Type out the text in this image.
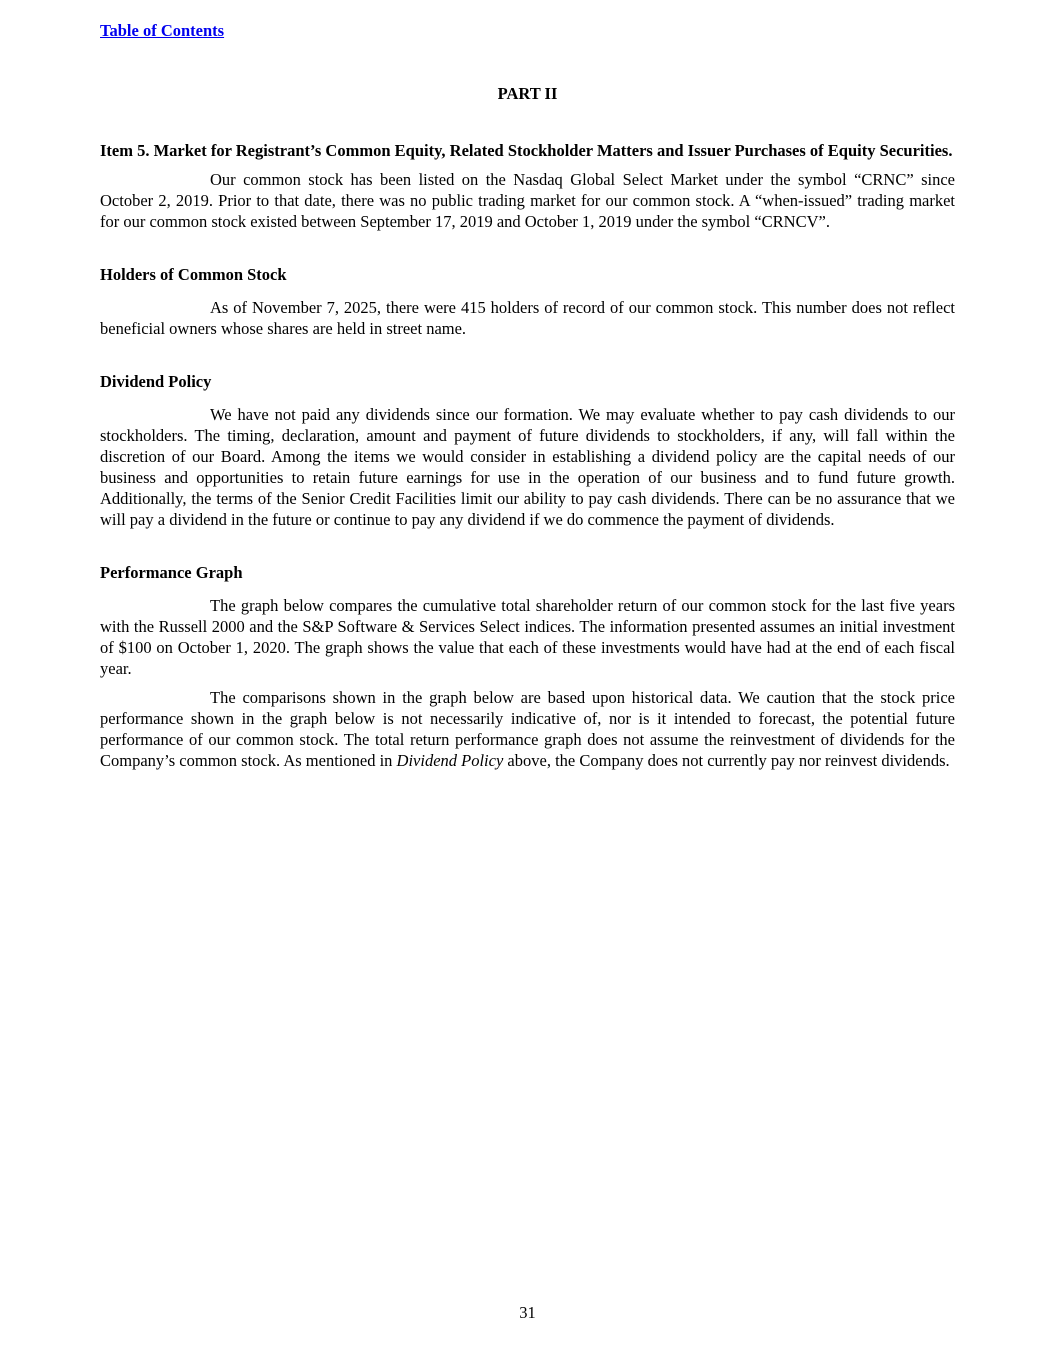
Table of Contents
PART II
Item 5. Market for Registrant’s Common Equity, Related Stockholder Matters and Issuer Purchases of Equity Securities.

Our common stock has been listed on the Nasdaq Global Select Market under the symbol “CRNC” since October 2, 2019. Prior to that date, there was no public trading market for our common stock. A “when-issued” trading market for our common stock existed between September 17, 2019 and October 1, 2019 under the symbol “CRNCV”.

Holders of Common Stock

As of November 7, 2025, there were 415 holders of record of our common stock. This number does not reflect beneficial owners whose shares are held in street name.

Dividend Policy

We have not paid any dividends since our formation. We may evaluate whether to pay cash dividends to our stockholders. The timing, declaration, amount and payment of future dividends to stockholders, if any, will fall within the discretion of our Board. Among the items we would consider in establishing a dividend policy are the capital needs of our business and opportunities to retain future earnings for use in the operation of our business and to fund future growth. Additionally, the terms of the Senior Credit Facilities limit our ability to pay cash dividends. There can be no assurance that we will pay a dividend in the future or continue to pay any dividend if we do commence the payment of dividends.

Performance Graph

The graph below compares the cumulative total shareholder return of our common stock for the last five years with the Russell 2000 and the S&P Software & Services Select indices. The information presented assumes an initial investment of $100 on October 1, 2020. The graph shows the value that each of these investments would have had at the end of each fiscal year.

The comparisons shown in the graph below are based upon historical data. We caution that the stock price performance shown in the graph below is not necessarily indicative of, nor is it intended to forecast, the potential future performance of our common stock. The total return performance graph does not assume the reinvestment of dividends for the Company’s common stock. As mentioned in Dividend Policy above, the Company does not currently pay nor reinvest dividends.

31
